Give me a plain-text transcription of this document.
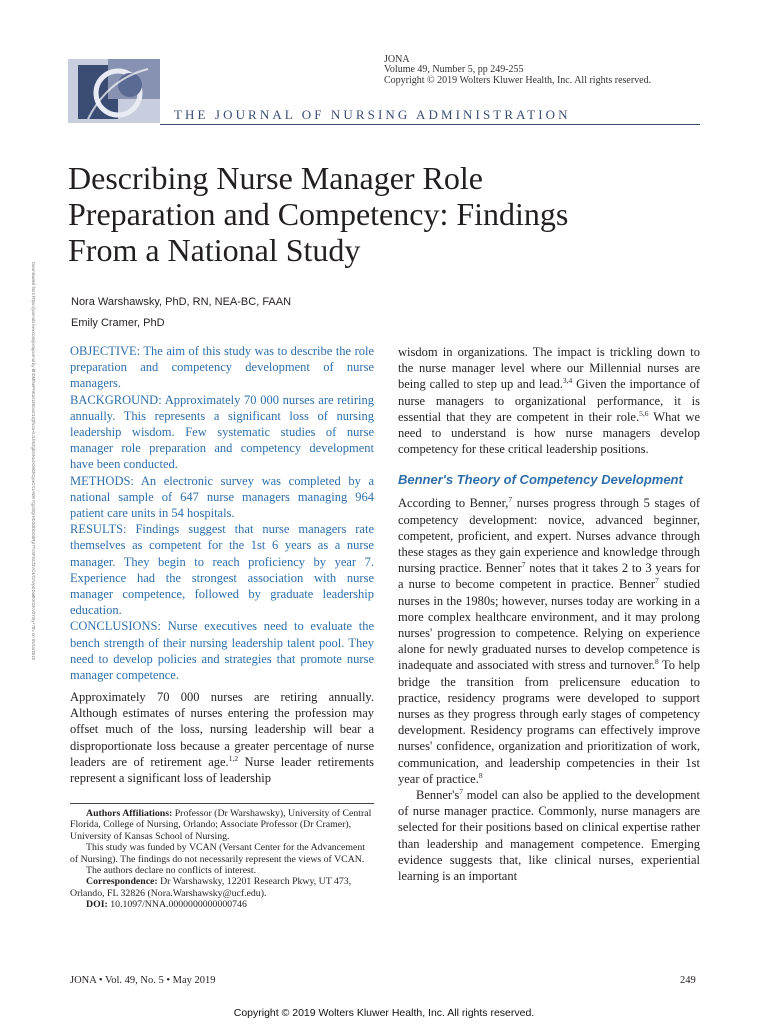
JONA
Volume 49, Number 5, pp 249-255
Copyright © 2019 Wolters Kluwer Health, Inc. All rights reserved.
THE JOURNAL OF NURSING ADMINISTRATION
Downloaded from https://journals.lww.com/jonajournal by BhDMf5ePHKav1zEoum1tQfN4a+kJLhEZgbsIHo4XMi0hCywCX1AWnYQp/IlQrHD3i3D0OdRyi7TvSFl4Cf3VC4/OAVpDDa8KKGKV0Ymy+78= on 05/16/2019
Describing Nurse Manager Role
Preparation and Competency: Findings
From a National Study
Nora Warshawsky, PhD, RN, NEA-BC, FAAN
Emily Cramer, PhD

OBJECTIVE: The aim of this study was to describe the role preparation and competency development of nurse managers.

BACKGROUND: Approximately 70 000 nurses are retiring annually. This represents a significant loss of nursing leadership wisdom. Few systematic studies of nurse manager role preparation and competency development have been conducted.

METHODS: An electronic survey was completed by a national sample of 647 nurse managers managing 964 patient care units in 54 hospitals.

RESULTS: Findings suggest that nurse managers rate themselves as competent for the 1st 6 years as a nurse manager. They begin to reach proficiency by year 7. Experience had the strongest association with nurse manager competence, followed by graduate leadership education.

CONCLUSIONS: Nurse executives need to evaluate the bench strength of their nursing leadership talent pool. They need to develop policies and strategies that promote nurse manager competence.

Approximately 70 000 nurses are retiring annually. Although estimates of nurses entering the profession may offset much of the loss, nursing leadership will bear a disproportionate loss because a greater percentage of nurse leaders are of retirement age.$^{1,2}$ Nurse leader retirements represent a significant loss of leadership

Authors Affiliations: Professor (Dr Warshawsky), University of Central Florida, College of Nursing, Orlando; Associate Professor (Dr Cramer), University of Kansas School of Nursing.

This study was funded by VCAN (Versant Center for the Advancement of Nursing). The findings do not necessarily represent the views of VCAN.

The authors declare no conflicts of interest.

Correspondence: Dr Warshawsky, 12201 Research Pkwy, UT 473, Orlando, FL 32826 (Nora.Warshawsky@ucf.edu).

DOI: 10.1097/NNA.0000000000000746

wisdom in organizations. The impact is trickling down to the nurse manager level where our Millennial nurses are being called to step up and lead.$^{3,4}$ Given the importance of nurse managers to organizational performance, it is essential that they are competent in their role.$^{5,6}$ What we need to understand is how nurse managers develop competency for these critical leadership positions.

Benner's Theory of Competency Development

According to Benner,$^7$ nurses progress through 5 stages of competency development: novice, advanced beginner, competent, proficient, and expert. Nurses advance through these stages as they gain experience and knowledge through nursing practice. Benner$^7$ notes that it takes 2 to 3 years for a nurse to become competent in practice. Benner$^7$ studied nurses in the 1980s; however, nurses today are working in a more complex healthcare environment, and it may prolong nurses' progression to competence. Relying on experience alone for newly graduated nurses to develop competence is inadequate and associated with stress and turnover.$^8$ To help bridge the transition from prelicensure education to practice, residency programs were developed to support nurses as they progress through early stages of competency development. Residency programs can effectively improve nurses' confidence, organization and prioritization of work, communication, and leadership competencies in their 1st year of practice.$^8$

$Benner's^7$ model can also be applied to the development of nurse manager practice. Commonly, nurse managers are selected for their positions based on clinical expertise rather than leadership and management competence. Emerging evidence suggests that, like clinical nurses, experiential learning is an important

JONA • Vol. 49, No. 5 • May 2019	249
Copyright © 2019 Wolters Kluwer Health, Inc. All rights reserved.
